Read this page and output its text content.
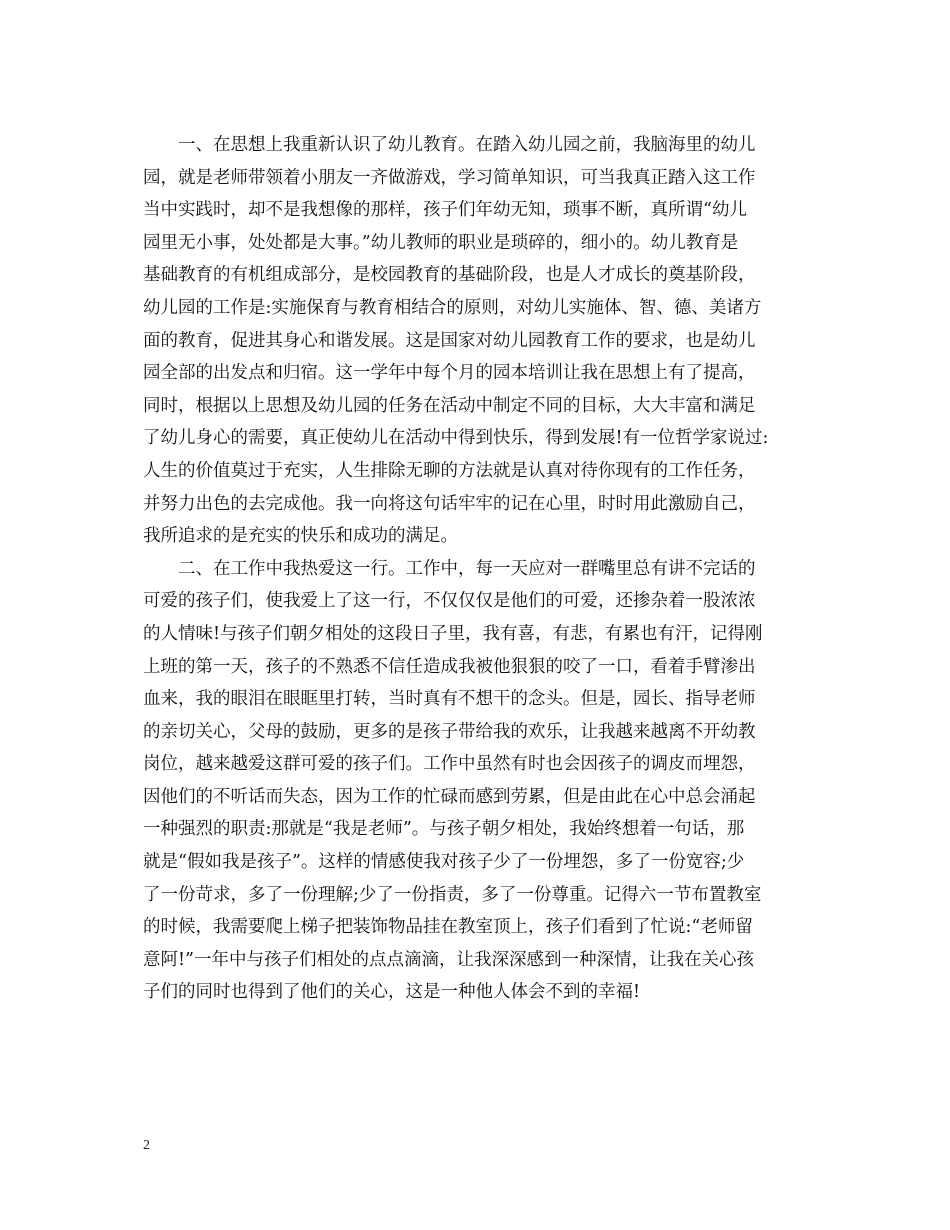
一、在思想上我重新认识了幼儿教育。在踏入幼儿园之前，我脑海里的幼儿
园，就是老师带领着小朋友一齐做游戏，学习简单知识，可当我真正踏入这工作
当中实践时，却不是我想像的那样，孩子们年幼无知，琐事不断，真所谓“幼儿
园里无小事，处处都是大事。”幼儿教师的职业是琐碎的，细小的。幼儿教育是
基础教育的有机组成部分，是校园教育的基础阶段，也是人才成长的奠基阶段，
幼儿园的工作是:实施保育与教育相结合的原则，对幼儿实施体、智、德、美诸方
面的教育，促进其身心和谐发展。这是国家对幼儿园教育工作的要求，也是幼儿
园全部的出发点和归宿。这一学年中每个月的园本培训让我在思想上有了提高，
同时，根据以上思想及幼儿园的任务在活动中制定不同的目标，大大丰富和满足
了幼儿身心的需要，真正使幼儿在活动中得到快乐，得到发展!有一位哲学家说过:
人生的价值莫过于充实，人生排除无聊的方法就是认真对待你现有的工作任务，
并努力出色的去完成他。我一向将这句话牢牢的记在心里，时时用此激励自己，
我所追求的是充实的快乐和成功的满足。
二、在工作中我热爱这一行。工作中，每一天应对一群嘴里总有讲不完话的
可爱的孩子们，使我爱上了这一行，不仅仅仅是他们的可爱，还掺杂着一股浓浓
的人情味!与孩子们朝夕相处的这段日子里，我有喜，有悲，有累也有汗，记得刚
上班的第一天，孩子的不熟悉不信任造成我被他狠狠的咬了一口，看着手臂渗出
血来，我的眼泪在眼眶里打转，当时真有不想干的念头。但是，园长、指导老师
的亲切关心，父母的鼓励，更多的是孩子带给我的欢乐，让我越来越离不开幼教
岗位，越来越爱这群可爱的孩子们。工作中虽然有时也会因孩子的调皮而埋怨，
因他们的不听话而失态，因为工作的忙碌而感到劳累，但是由此在心中总会涌起
一种强烈的职责:那就是“我是老师”。与孩子朝夕相处，我始终想着一句话，那
就是“假如我是孩子”。这样的情感使我对孩子少了一份埋怨，多了一份宽容;少
了一份苛求，多了一份理解;少了一份指责，多了一份尊重。记得六一节布置教室
的时候，我需要爬上梯子把装饰物品挂在教室顶上，孩子们看到了忙说:“老师留
意阿!”一年中与孩子们相处的点点滴滴，让我深深感到一种深情，让我在关心孩
子们的同时也得到了他们的关心，这是一种他人体会不到的幸福!
2
